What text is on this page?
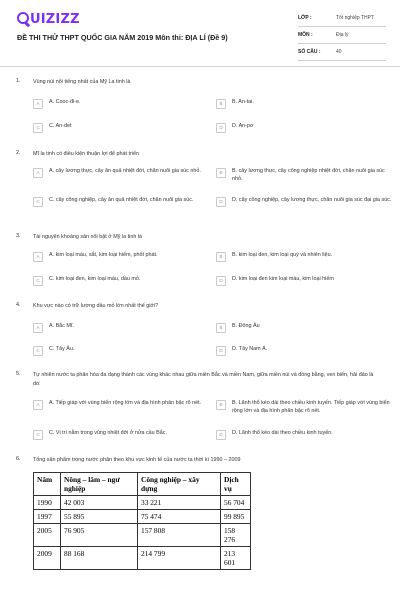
UIZIZZ
ĐỀ THI THỬ THPT QUỐC GIA NĂM 2019 Môn thi: ĐỊA LÍ (Đề 9)
LỚP :	Tốt nghiệp THPT
MÔN :	Địa lý
SỐ CÂU :	40
1. Vùng núi nổi tiếng nhất của Mỹ La tinh là
A	A. Cooc-đi-e.	B	B. An-tai.
C	C. An-đet	D	D. An-pơ
2. Mĩ la tinh có điều kiện thuận lợi để phát triển
A	A. cây lương thực, cây ăn quả nhiệt đới, chăn nuôi gia súc nhỏ.	B	B. cây lương thực, cây công nghiệp nhiệt đới, chăn nuôi gia súc nhỏ.
C	C. cây công nghiệp, cây ăn quả nhiệt đới, chăn nuôi gia súc.	D	D. cây công nghiệp, cây lương thực, chăn nuôi gia súc đại gia súc.
3. Tài nguyên khoáng sản nổi bật ở Mỹ la tinh là
A	A. kim loại màu, sắt, kim loại hiếm, phốt phát.	B	B. kim loại đen, kim loại quý và nhiên liệu.
C	C. kim loại đen, kim loại màu, dầu mỏ.	D	D. kim loại đen kim loại màu, kim loại hiếm
4. Khu vực nào có trữ lượng dầu mỏ lớn nhất thế giới?
A	A. Bắc Mĩ.	B	B. Đông Âu
C	C. Tây Âu.	D	D. Tây Nam Á.
5. Tự nhiên nước ta phân hóa đa dạng thành các vùng khác nhau giữa miền Bắc và miền Nam, giữa miền núi và đồng bằng, ven biển, hải đảo là do:
A	A. Tiếp giáp với vùng biển rộng lớn và địa hình phân bậc rõ nét.	B	B. Lãnh thổ kéo dài theo chiều kinh tuyến. Tiếp giáp với vùng biển rộng lớn và địa hình phân bậc rõ nét.
C	C. Vị trí nằm trong vùng nhiệt đới ở nửa cầu Bắc.	D	D. Lãnh thổ kéo dài theo chiều kinh tuyến.
6. Tổng sản phẩm trong nước phân theo khu vực kinh tế của nước ta thời kì 1990 – 2009
Năm	Nông – lâm – ngư nghiệp	Công nghiệp – xây dựng	Dịch vụ
1990	42 003	33 221	56 704
1997	55 895	75 474	99 895
2005	76 905	157 808	158 276
2009	88 168	214 799	213 601
